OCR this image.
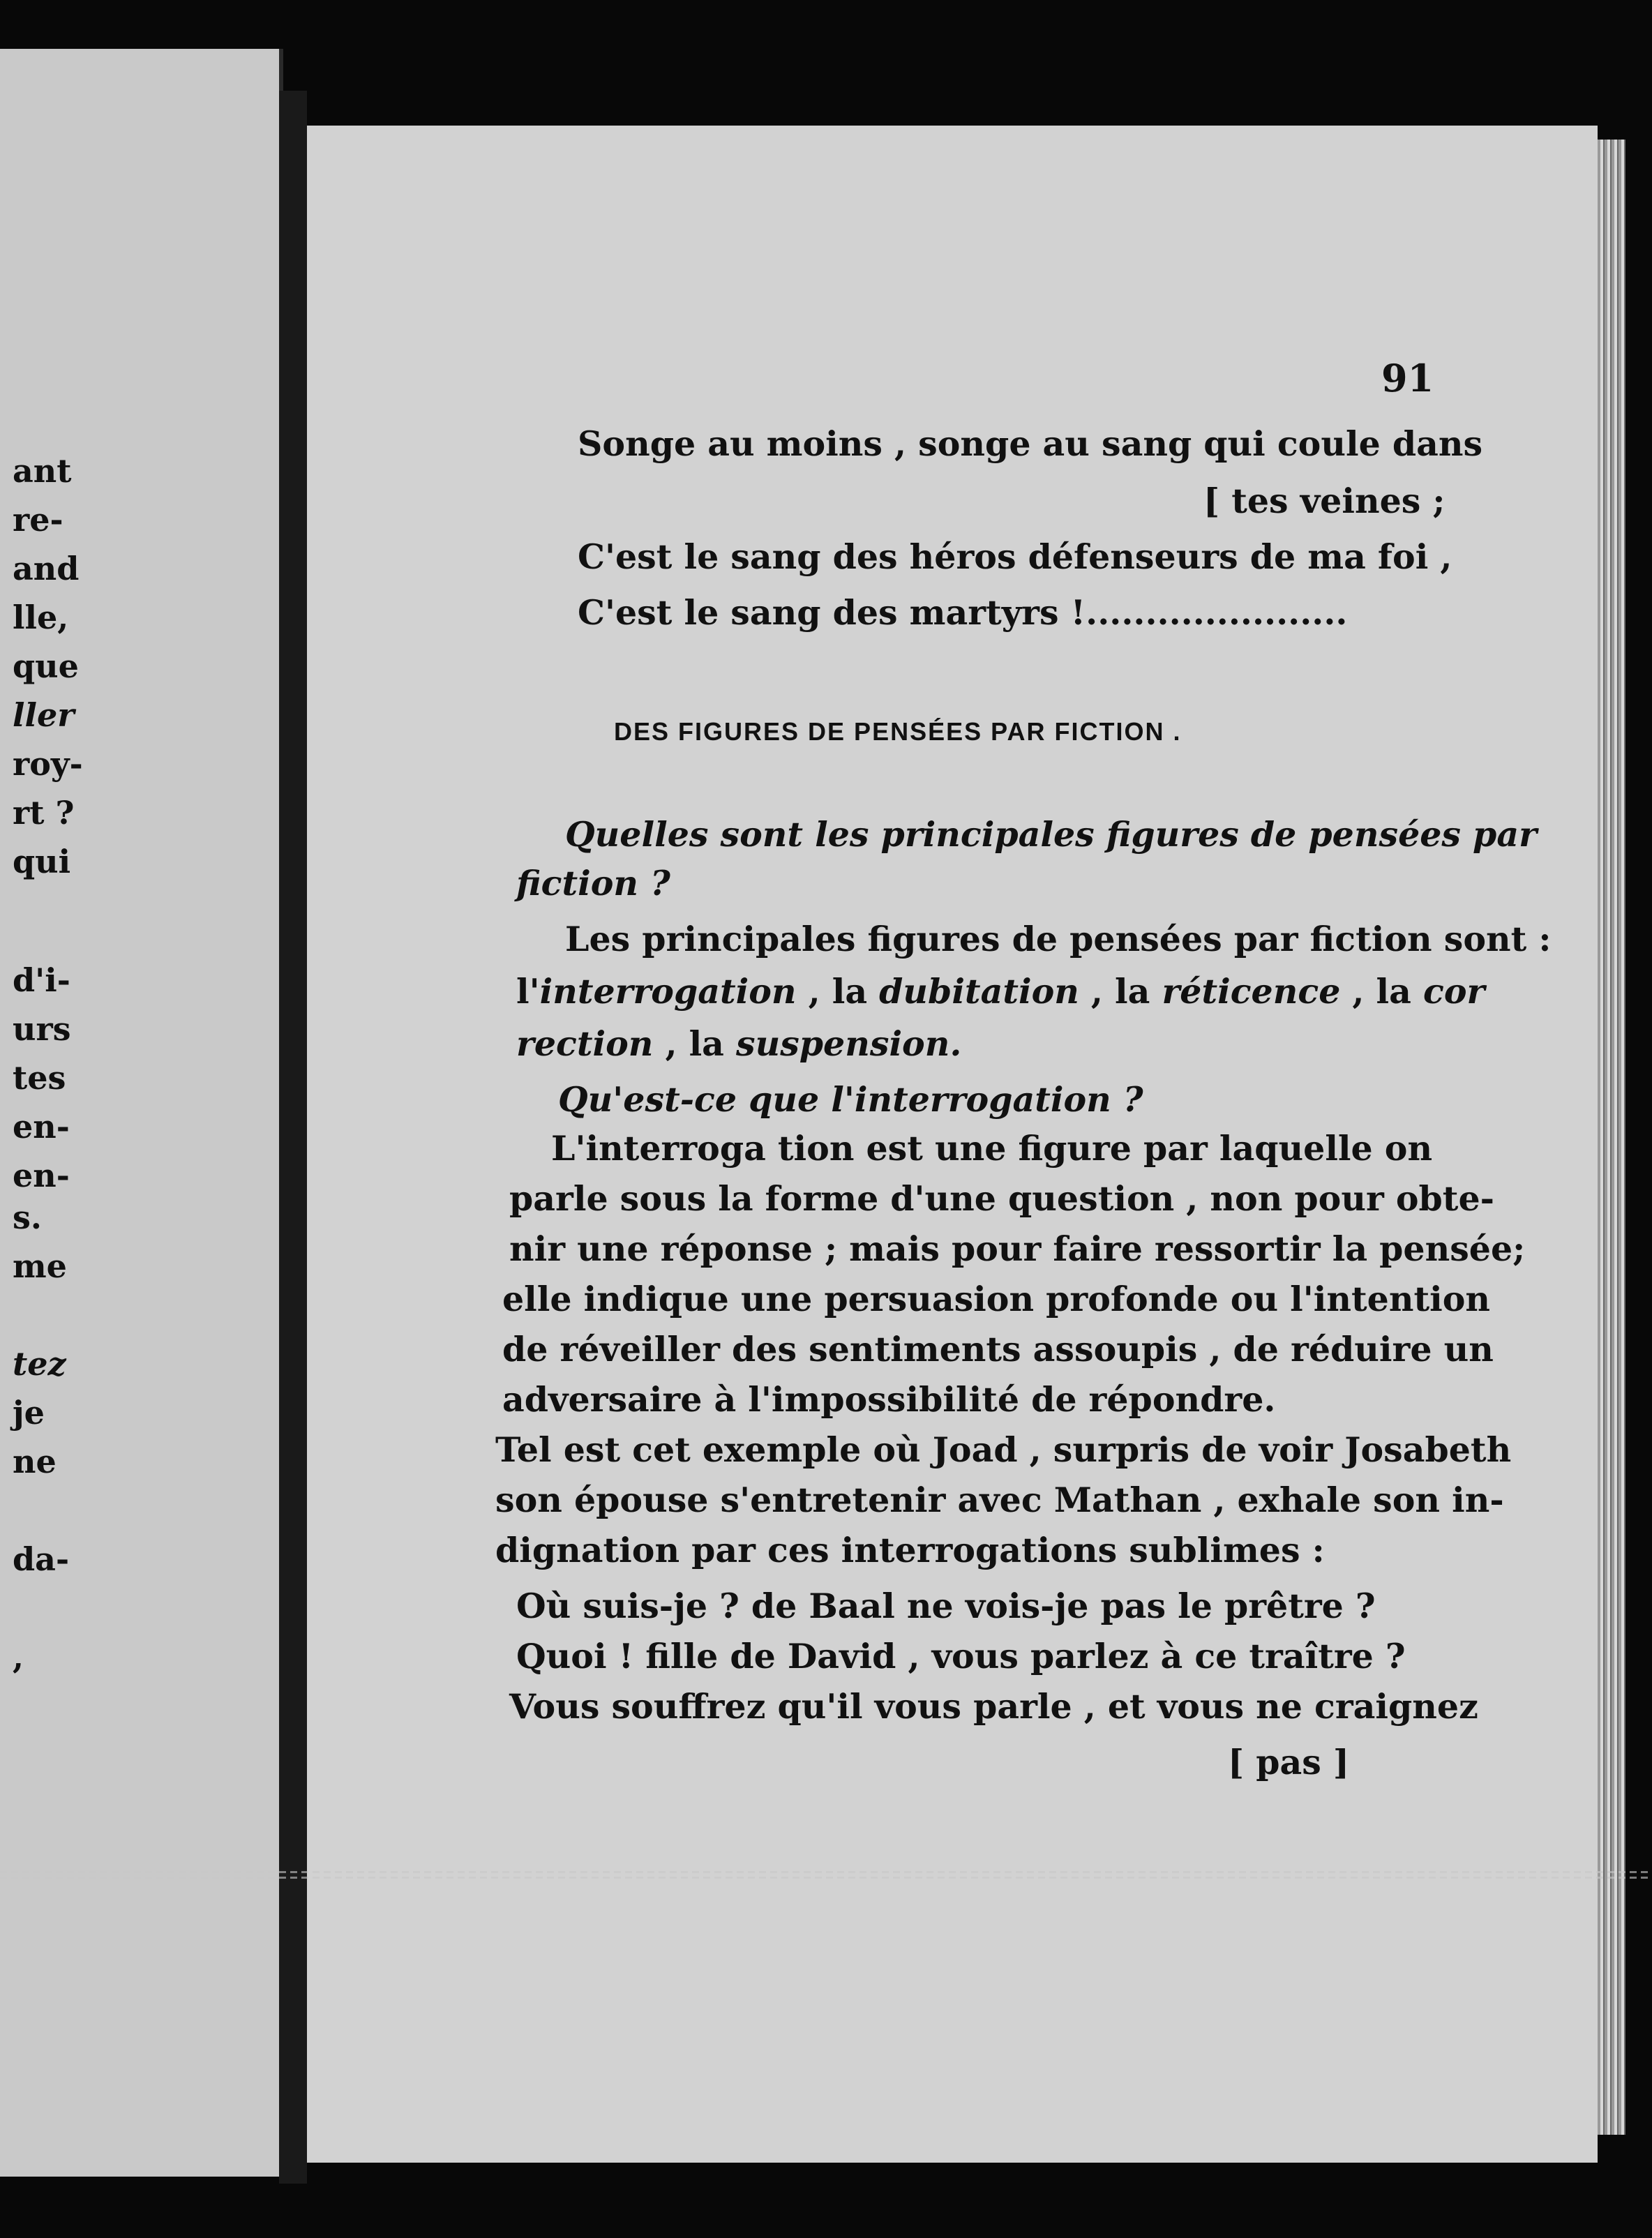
ant
re-
and
lle,
que
ller
roy-
rt ?
qui
d'i-
urs
tes
en-
en-
s.
me
tez
je
ne
da-
,
91
Songe au moins , songe au sang qui coule dans
[ tes veines ;
C'est le sang des héros défenseurs de ma foi ,
C'est le sang des martyrs !......................
DES FIGURES DE PENSÉES PAR FICTION .
Quelles sont les principales figures de pensées par
fiction ?
Les principales figures de pensées par fiction sont :
l'interrogation , la dubitation , la réticence , la cor
rection , la suspension.
Qu'est-ce que l'interrogation ?
L'interroga tion est une figure par laquelle on
parle sous la forme d'une question , non pour obte-
nir une réponse ; mais pour faire ressortir la pensée;
elle indique une persuasion profonde ou l'intention
de réveiller des sentiments assoupis , de réduire un
adversaire à l'impossibilité de répondre.
Tel est cet exemple où Joad , surpris de voir Josabeth
son épouse s'entretenir avec Mathan , exhale son in-
dignation par ces interrogations sublimes :
Où suis-je ? de Baal ne vois-je pas le prêtre ?
Quoi ! fille de David , vous parlez à ce traître ?
Vous souffrez qu'il vous parle , et vous ne craignez
[ pas ]
